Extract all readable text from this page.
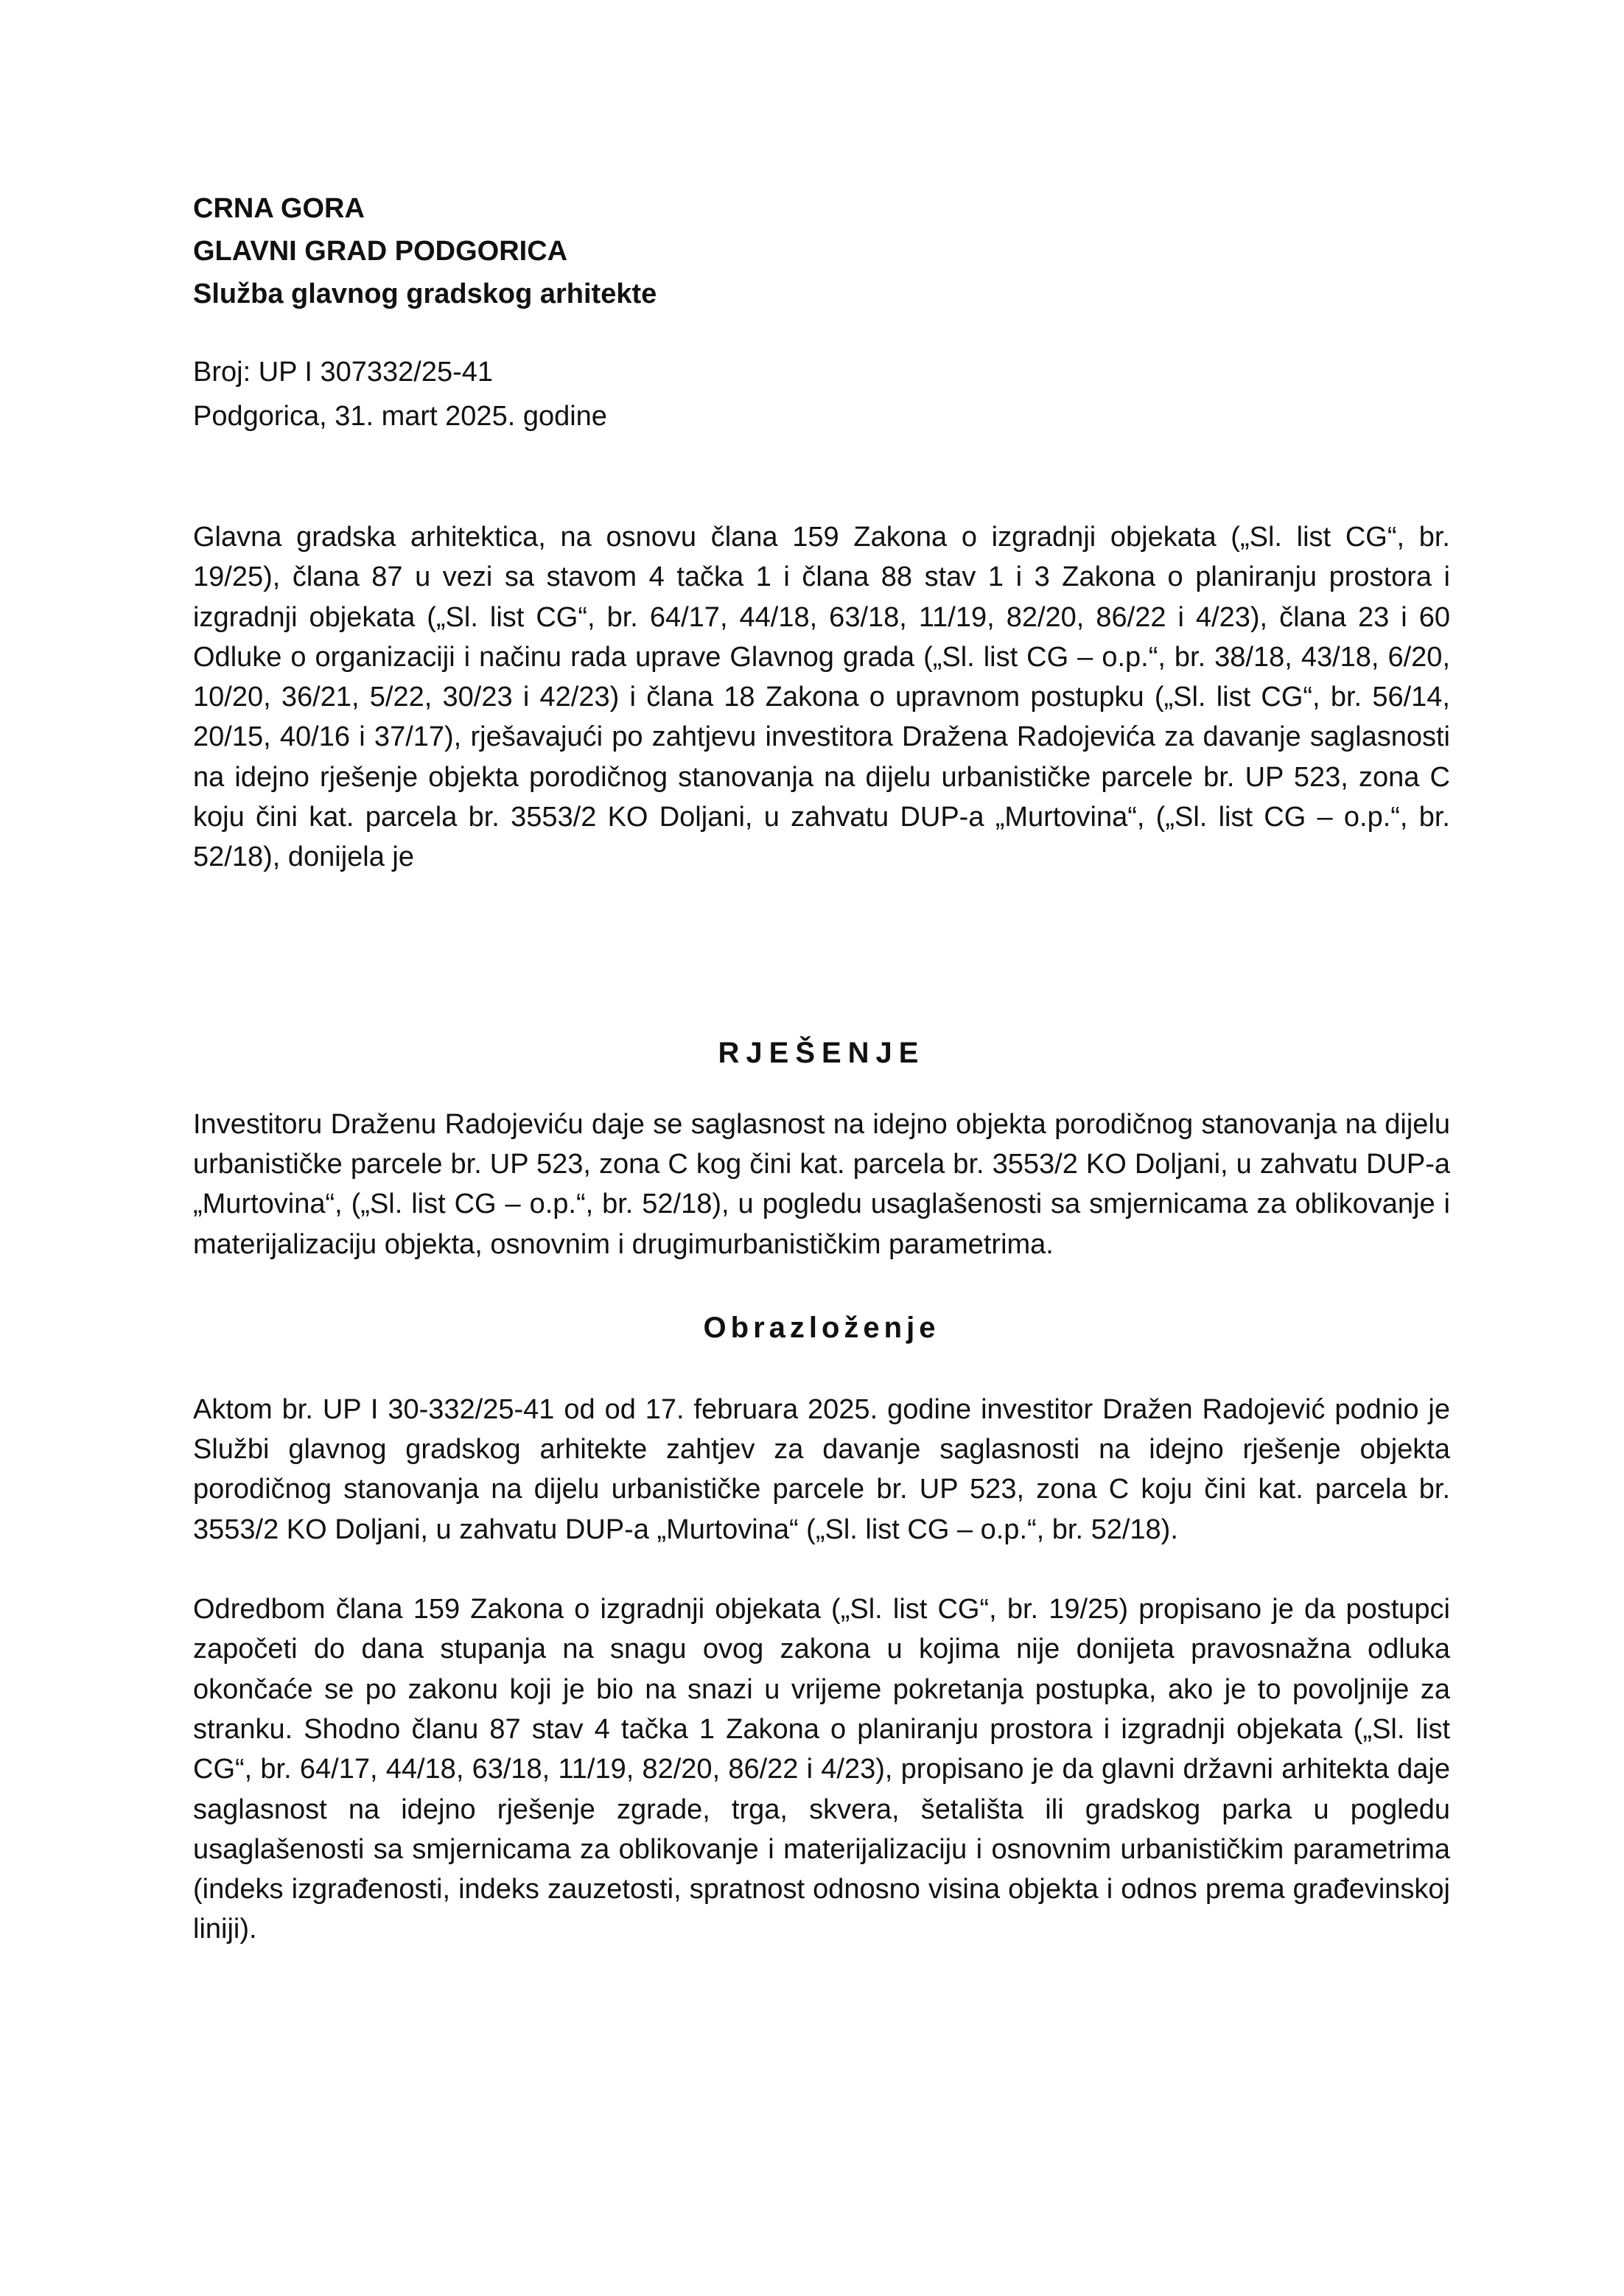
CRNA GORA
GLAVNI GRAD PODGORICA
Služba glavnog gradskog arhitekte
Broj: UP I 307332/25-41
Podgorica, 31. mart 2025. godine

Glavna gradska arhitektica, na osnovu člana 159 Zakona o izgradnji objekata („Sl. list CG“, br. 19/25), člana 87 u vezi sa stavom 4 tačka 1 i člana 88 stav 1 i 3 Zakona o planiranju prostora i izgradnji objekata („Sl. list CG“, br. 64/17, 44/18, 63/18, 11/19, 82/20, 86/22 i 4/23), člana 23 i 60 Odluke o organizaciji i načinu rada uprave Glavnog grada („Sl. list CG – o.p.“, br. 38/18, 43/18, 6/20, 10/20, 36/21, 5/22, 30/23 i 42/23) i člana 18 Zakona o upravnom postupku („Sl. list CG“, br. 56/14, 20/15, 40/16 i 37/17), rješavajući po zahtjevu investitora Dražena Radojevića za davanje saglasnosti na idejno rješenje objekta porodičnog stanovanja na dijelu urbanističke parcele br. UP 523, zona C koju čini kat. parcela br. 3553/2 KO Doljani, u zahvatu DUP-a „Murtovina“, („Sl. list CG – o.p.“, br. 52/18), donijela je

RJEŠENJE

Investitoru Draženu Radojeviću daje se saglasnost na idejno objekta porodičnog stanovanja na dijelu urbanističke parcele br. UP 523, zona C kog čini kat. parcela br. 3553/2 KO Doljani, u zahvatu DUP-a „Murtovina“, („Sl. list CG – o.p.“, br. 52/18), u pogledu usaglašenosti sa smjernicama za oblikovanje i materijalizaciju objekta, osnovnim i drugimurbanističkim parametrima.

Obrazloženje

Aktom br. UP I 30-332/25-41 od od 17. februara 2025. godine investitor Dražen Radojević podnio je Službi glavnog gradskog arhitekte zahtjev za davanje saglasnosti na idejno rješenje objekta porodičnog stanovanja na dijelu urbanističke parcele br. UP 523, zona C koju čini kat. parcela br. 3553/2 KO Doljani, u zahvatu DUP-a „Murtovina“ („Sl. list CG – o.p.“, br. 52/18).

Odredbom člana 159 Zakona o izgradnji objekata („Sl. list CG“, br. 19/25) propisano je da postupci započeti do dana stupanja na snagu ovog zakona u kojima nije donijeta pravosnažna odluka okončaće se po zakonu koji je bio na snazi u vrijeme pokretanja postupka, ako je to povoljnije za stranku. Shodno članu 87 stav 4 tačka 1 Zakona o planiranju prostora i izgradnji objekata („Sl. list CG“, br. 64/17, 44/18, 63/18, 11/19, 82/20, 86/22 i 4/23), propisano je da glavni državni arhitekta daje saglasnost na idejno rješenje zgrade, trga, skvera, šetališta ili gradskog parka u pogledu usaglašenosti sa smjernicama za oblikovanje i materijalizaciju i osnovnim urbanističkim parametrima (indeks izgrađenosti, indeks zauzetosti, spratnost odnosno visina objekta i odnos prema građevinskoj liniji).
